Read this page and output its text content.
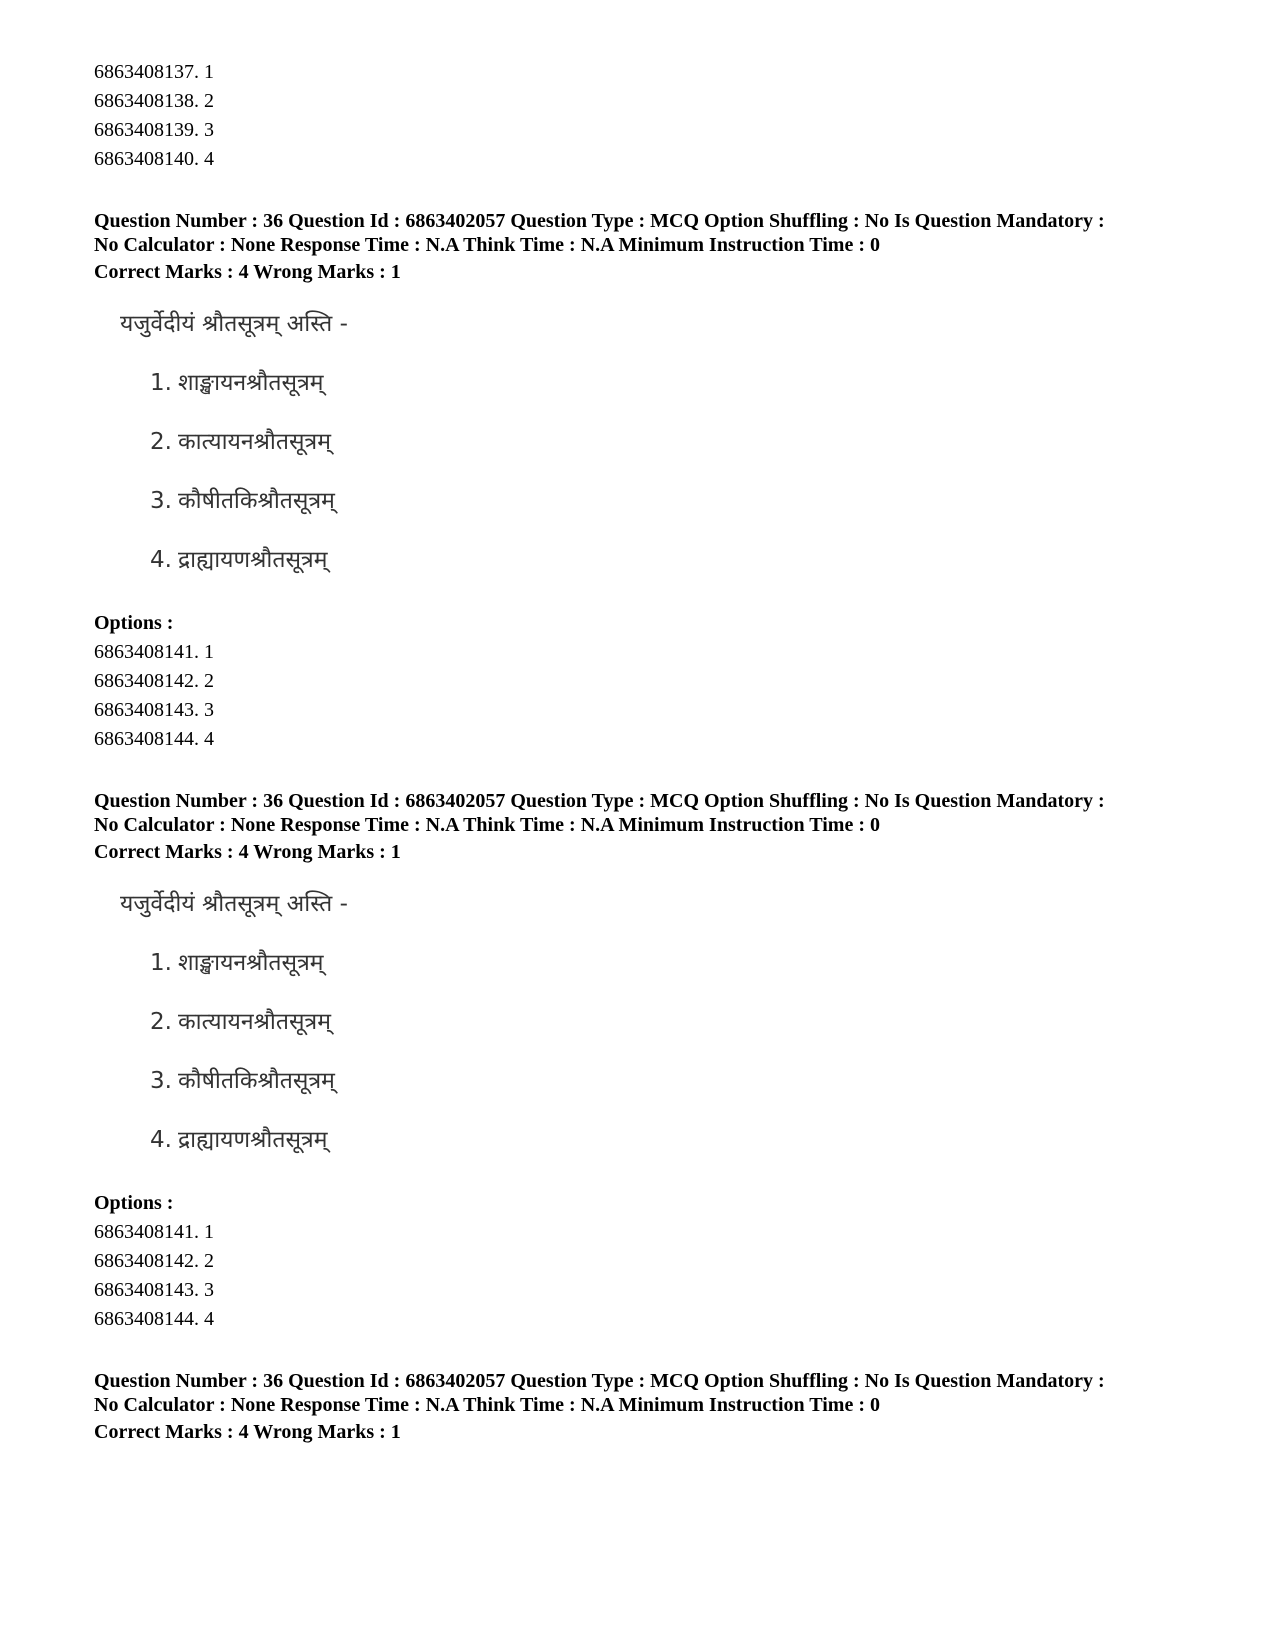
6863408137. 1
6863408138. 2
6863408139. 3
6863408140. 4
Question Number : 36 Question Id : 6863402057 Question Type : MCQ Option Shuffling : No Is Question Mandatory :
No Calculator : None Response Time : N.A Think Time : N.A Minimum Instruction Time : 0
Correct Marks : 4 Wrong Marks : 1
यजुर्वेदीयं श्रौतसूत्रम् अस्ति -
1. शाङ्खायनश्रौतसूत्रम्
2. कात्यायनश्रौतसूत्रम्
3. कौषीतकिश्रौतसूत्रम्
4. द्राह्यायणश्रौतसूत्रम्
Options :
6863408141. 1
6863408142. 2
6863408143. 3
6863408144. 4
Question Number : 36 Question Id : 6863402057 Question Type : MCQ Option Shuffling : No Is Question Mandatory :
No Calculator : None Response Time : N.A Think Time : N.A Minimum Instruction Time : 0
Correct Marks : 4 Wrong Marks : 1
यजुर्वेदीयं श्रौतसूत्रम् अस्ति -
1. शाङ्खायनश्रौतसूत्रम्
2. कात्यायनश्रौतसूत्रम्
3. कौषीतकिश्रौतसूत्रम्
4. द्राह्यायणश्रौतसूत्रम्
Options :
6863408141. 1
6863408142. 2
6863408143. 3
6863408144. 4
Question Number : 36 Question Id : 6863402057 Question Type : MCQ Option Shuffling : No Is Question Mandatory :
No Calculator : None Response Time : N.A Think Time : N.A Minimum Instruction Time : 0
Correct Marks : 4 Wrong Marks : 1
